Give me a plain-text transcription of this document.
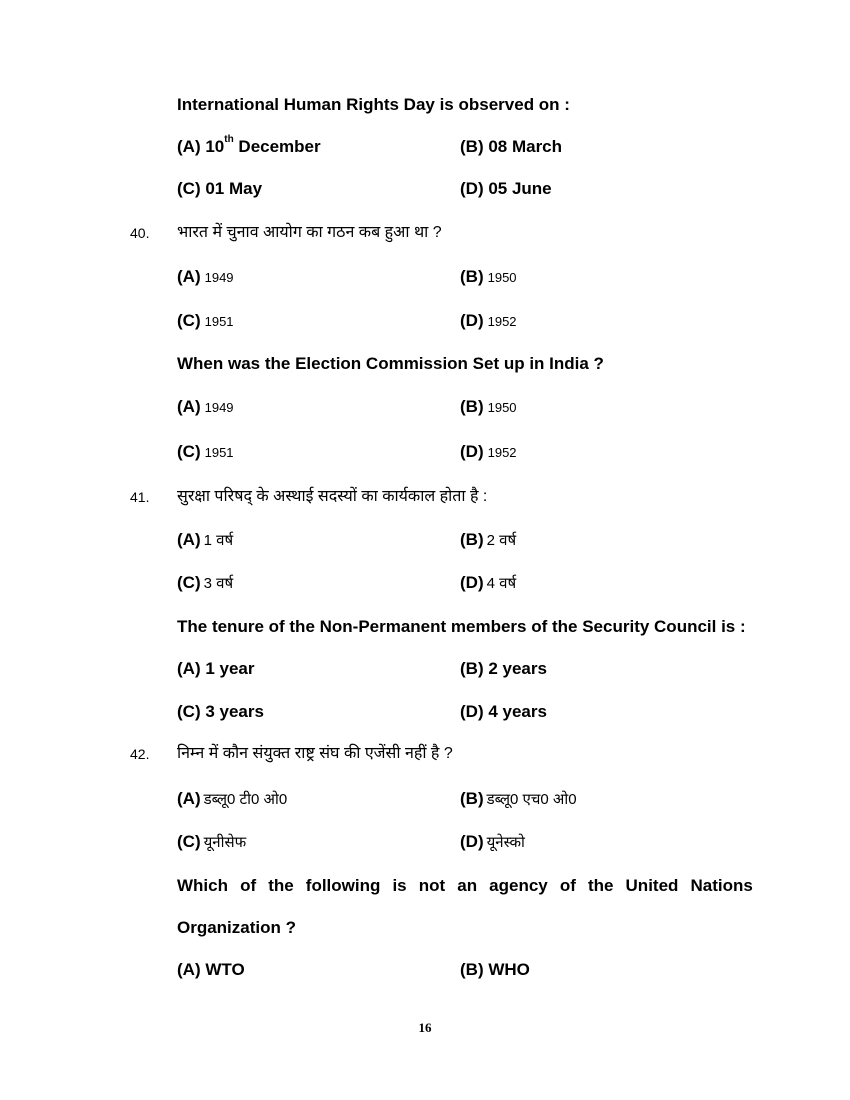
International Human Rights Day is observed on :
(A) 10th December	(B) 08 March
(C) 01 May	(D) 05 June
40. भारत में चुनाव आयोग का गठन कब हुआ था ?
(A) 1949	(B) 1950
(C) 1951	(D) 1952
When was the Election Commission Set up in India ?
(A) 1949	(B) 1950
(C) 1951	(D) 1952
41. सुरक्षा परिषद् के अस्थाई सदस्यों का कार्यकाल होता है :
(A) 1 वर्ष	(B) 2 वर्ष
(C) 3 वर्ष	(D) 4 वर्ष
The tenure of the Non-Permanent members of the Security Council is :
(A) 1 year	(B) 2 years
(C) 3 years	(D) 4 years
42. निम्न में कौन संयुक्त राष्ट्र संघ की एजेंसी नहीं है ?
(A) डब्लू0 टी0 ओ0	(B) डब्लू0 एच0 ओ0
(C) यूनीसेफ	(D) यूनेस्को
Which of the following is not an agency of the United Nations
Organization ?
(A) WTO	(B) WHO
16
